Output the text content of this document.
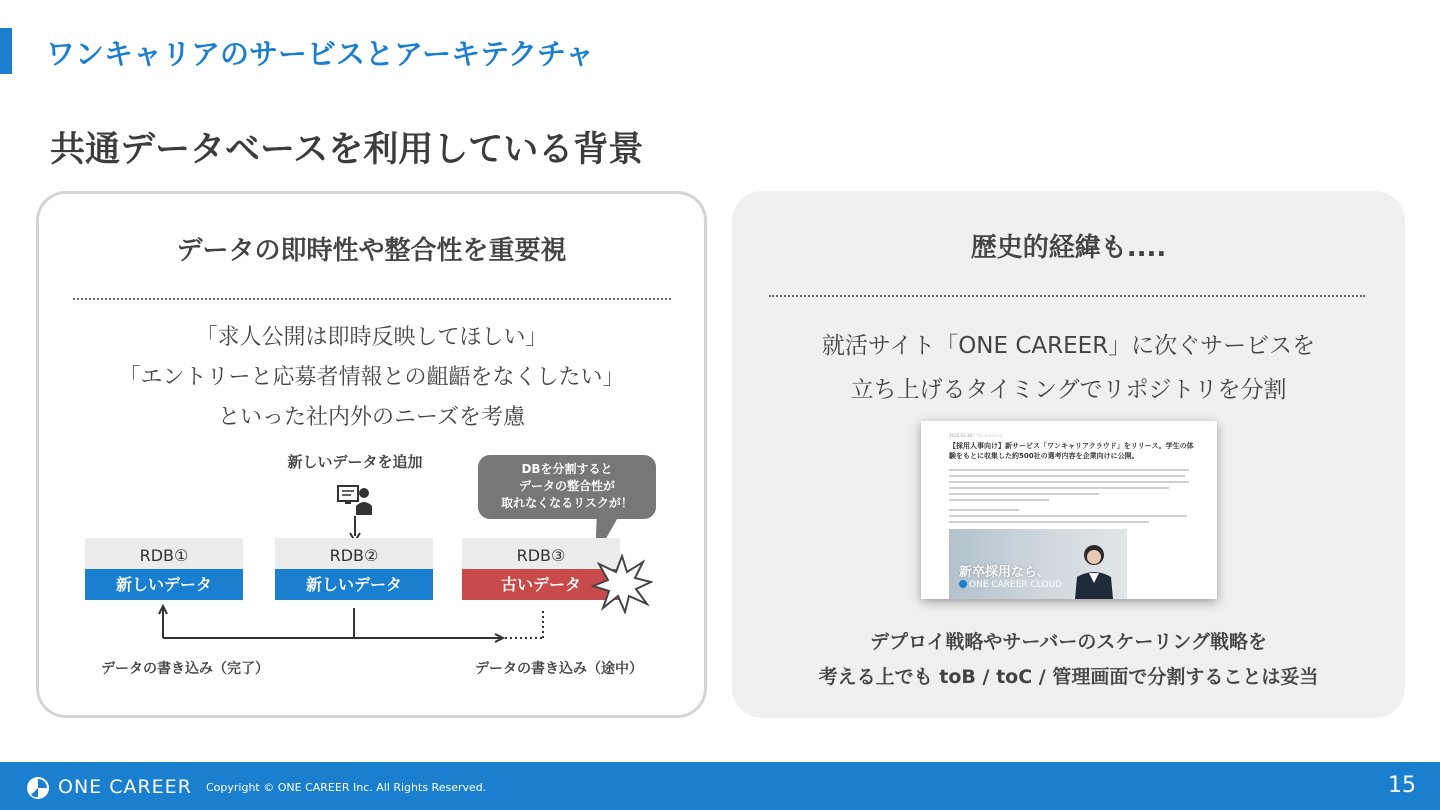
ワンキャリアのサービスとアーキテクチャ
共通データベースを利用している背景
データの即時性や整合性を重要視
「求人公開は即時反映してほしい」
「エントリーと応募者情報との齟齬をなくしたい」
といった社内外のニーズを考慮
新しいデータを追加	DBを分割すると
データの整合性が
取れなくなるリスクが！
RDB①
新しいデータ
RDB②
新しいデータ
RDB③
古いデータ
データの書き込み（完了）	データの書き込み（途中）
歴史的経緯も....
就活サイト「ONE CAREER」に次ぐサービスを
立ち上げるタイミングでリポジトリを分割
2020.03.18 / プレスリリース
【採用人事向け】新サービス「ワンキャリアクラウド」をリリース。学生の体験をもとに収集した約500社の選考内容を企業向けに公開。
新卒採用なら、
ONE CAREER CLOUD
デプロイ戦略やサーバーのスケーリング戦略を
考える上でも toB / toC / 管理画面で分割することは妥当
ONE CAREER Copyright © ONE CAREER Inc. All Rights Reserved.	15
